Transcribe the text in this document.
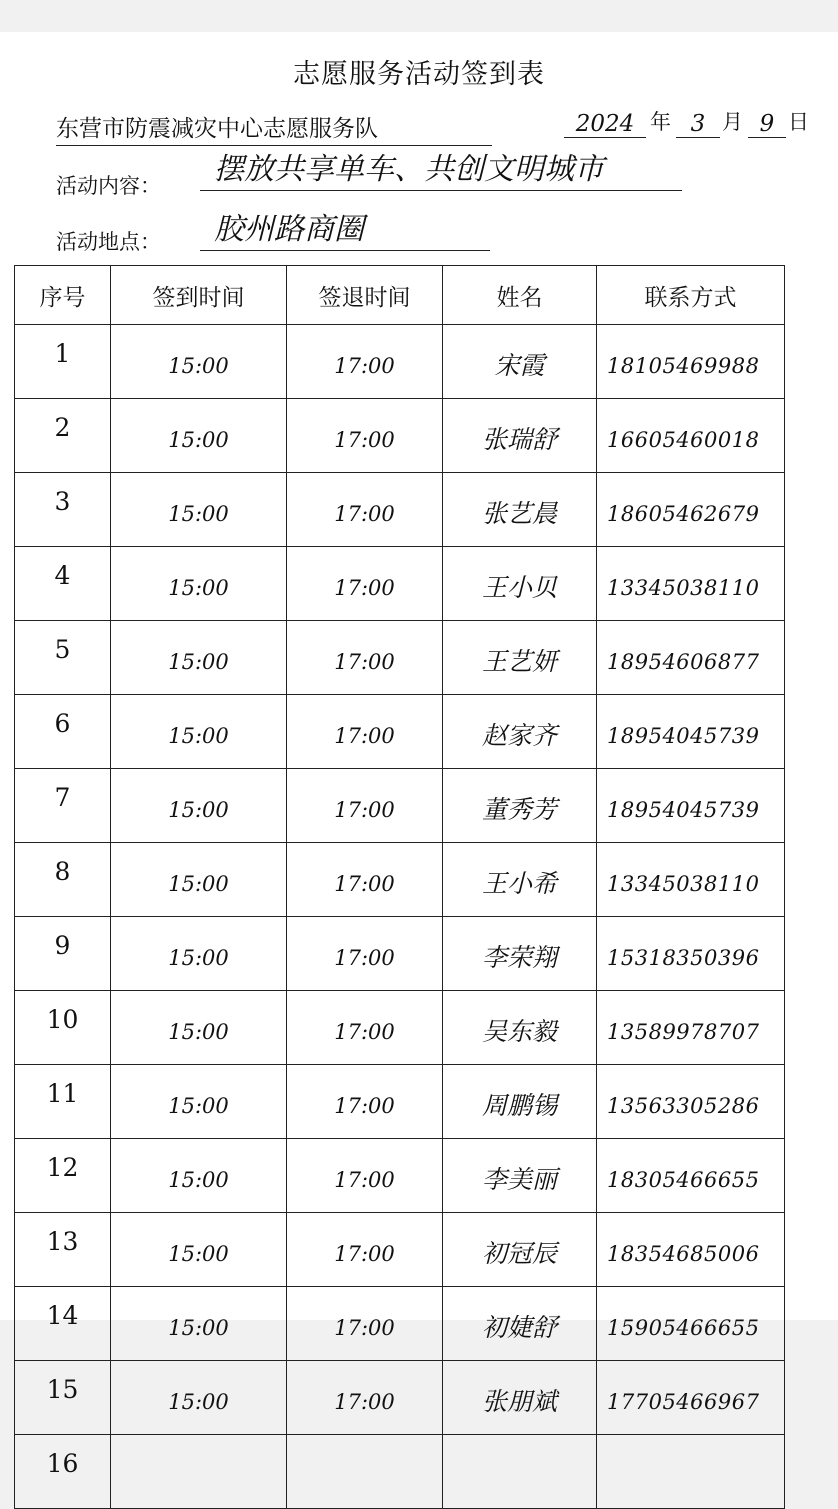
志愿服务活动签到表
东营市防震减灾中心志愿服务队	2024 年 3 月 9 日
活动内容：	摆放共享单车、共创文明城市
活动地点：	胶州路商圈
序号	签到时间	签退时间	姓名	联系方式
1	15:00	17:00	宋霞	18105469988
2	15:00	17:00	张瑞舒	16605460018
3	15:00	17:00	张艺晨	18605462679
4	15:00	17:00	王小贝	13345038110
5	15:00	17:00	王艺妍	18954606877
6	15:00	17:00	赵家齐	18954045739
7	15:00	17:00	董秀芳	18954045739
8	15:00	17:00	王小希	13345038110
9	15:00	17:00	李荣翔	15318350396
10	15:00	17:00	吴东毅	13589978707
11	15:00	17:00	周鹏锡	13563305286
12	15:00	17:00	李美丽	18305466655
13	15:00	17:00	初冠辰	18354685006
14	15:00	17:00	初婕舒	15905466655
15	15:00	17:00	张朋斌	17705466967
16				
